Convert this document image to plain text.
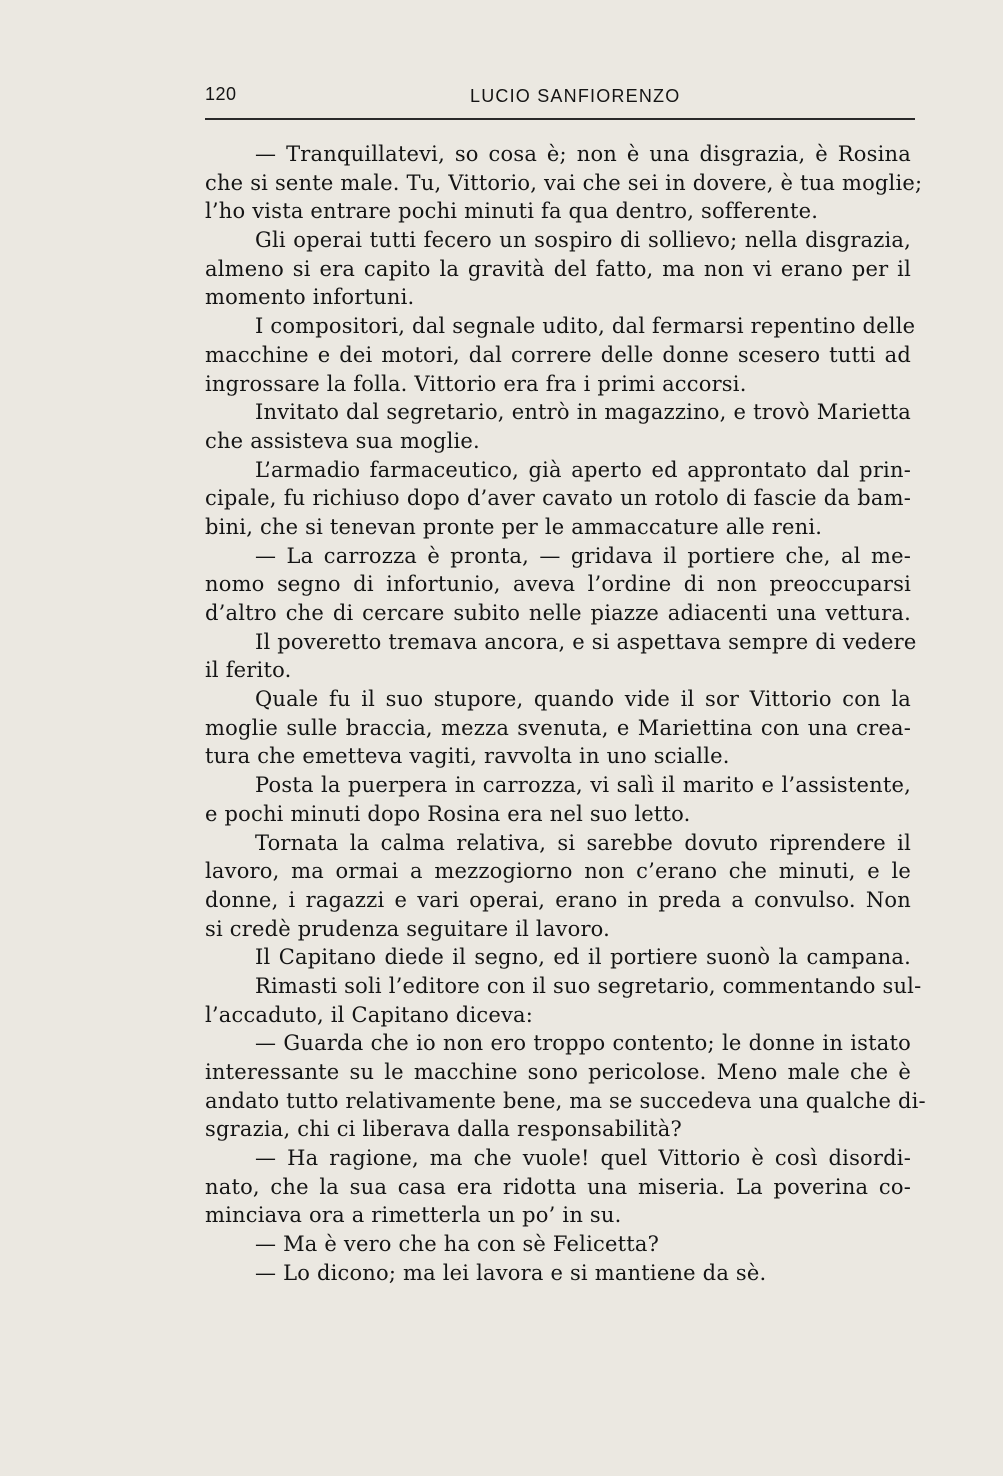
120	LUCIO SANFIORENZO
— Tranquillatevi, so cosa è; non è una disgrazia, è Rosina
che si sente male. Tu, Vittorio, vai che sei in dovere, è tua moglie;
l’ho vista entrare pochi minuti fa qua dentro, sofferente.
Gli operai tutti fecero un sospiro di sollievo; nella disgrazia,
almeno si era capito la gravità del fatto, ma non vi erano per il
momento infortuni.
I compositori, dal segnale udito, dal fermarsi repentino delle
macchine e dei motori, dal correre delle donne scesero tutti ad
ingrossare la folla. Vittorio era fra i primi accorsi.
Invitato dal segretario, entrò in magazzino, e trovò Marietta
che assisteva sua moglie.
L’armadio farmaceutico, già aperto ed approntato dal prin-
cipale, fu richiuso dopo d’aver cavato un rotolo di fascie da bam-
bini, che si tenevan pronte per le ammaccature alle reni.
— La carrozza è pronta, — gridava il portiere che, al me-
nomo segno di infortunio, aveva l’ordine di non preoccuparsi
d’altro che di cercare subito nelle piazze adiacenti una vettura.
Il poveretto tremava ancora, e si aspettava sempre di vedere
il ferito.
Quale fu il suo stupore, quando vide il sor Vittorio con la
moglie sulle braccia, mezza svenuta, e Mariettina con una crea-
tura che emetteva vagiti, ravvolta in uno scialle.
Posta la puerpera in carrozza, vi salì il marito e l’assistente,
e pochi minuti dopo Rosina era nel suo letto.
Tornata la calma relativa, si sarebbe dovuto riprendere il
lavoro, ma ormai a mezzogiorno non c’erano che minuti, e le
donne, i ragazzi e vari operai, erano in preda a convulso. Non
si credè prudenza seguitare il lavoro.
Il Capitano diede il segno, ed il portiere suonò la campana.
Rimasti soli l’editore con il suo segretario, commentando sul-
l’accaduto, il Capitano diceva:
— Guarda che io non ero troppo contento; le donne in istato
interessante su le macchine sono pericolose. Meno male che è
andato tutto relativamente bene, ma se succedeva una qualche di-
sgrazia, chi ci liberava dalla responsabilità?
— Ha ragione, ma che vuole! quel Vittorio è così disordi-
nato, che la sua casa era ridotta una miseria. La poverina co-
minciava ora a rimetterla un po’ in su.
— Ma è vero che ha con sè Felicetta?
— Lo dicono; ma lei lavora e si mantiene da sè.
